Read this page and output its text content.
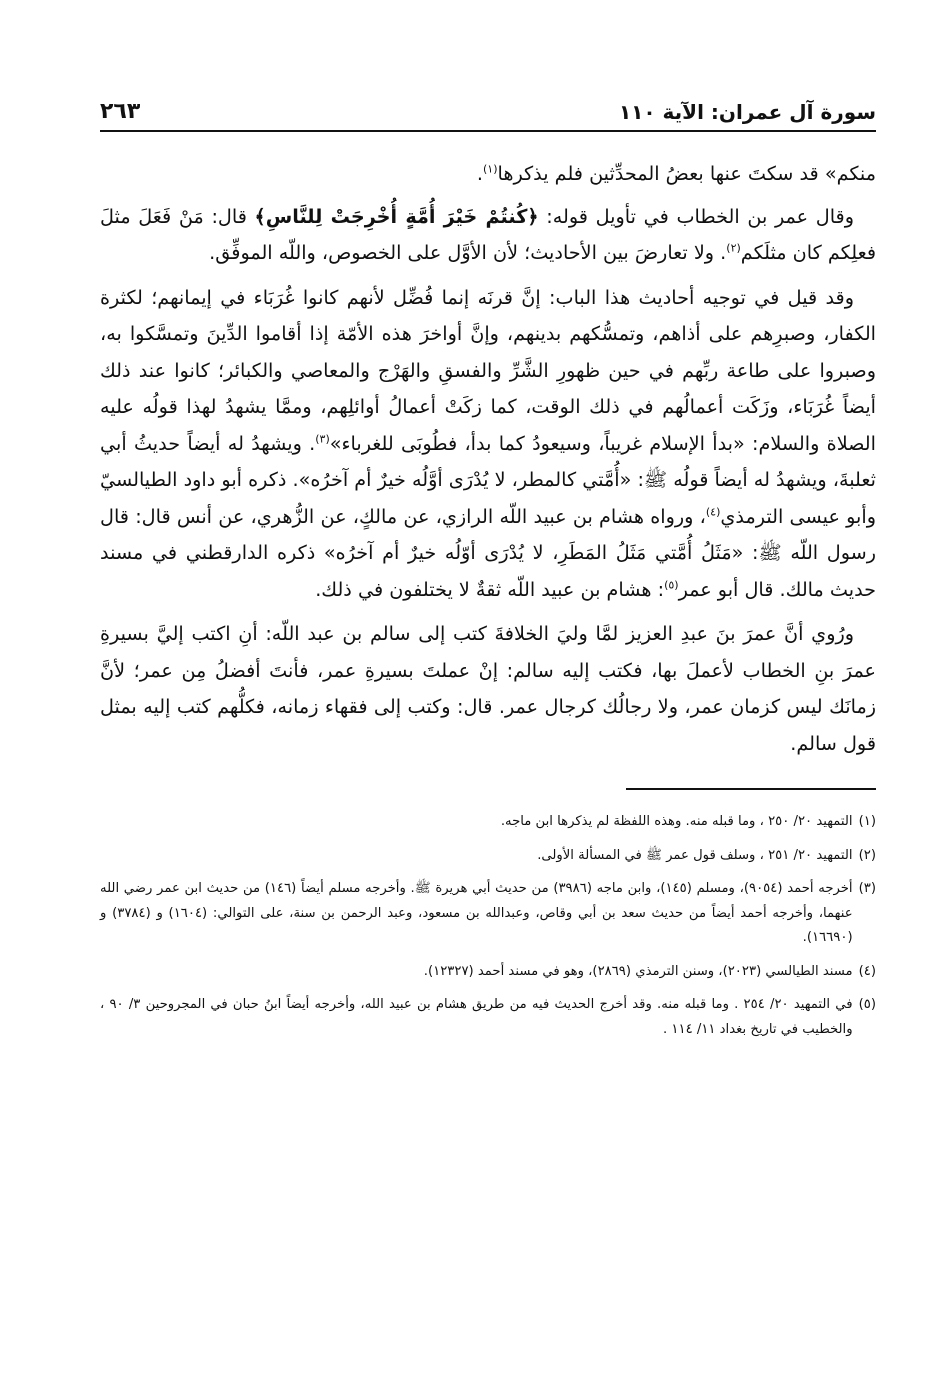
سورة آل عمران: الآية ١١٠
٢٦٣

منكم» قد سكتَ عنها بعضُ المحدِّثين فلم يذكرها$^{(١)}$.

وقال عمر بن الخطاب في تأويل قوله: ﴿كُنتُمْ خَيْرَ أُمَّةٍ أُخْرِجَتْ لِلنَّاسِ﴾ قال: مَنْ فَعَلَ مثلَ فعلِكم كان مثلَكم$^{(٢)}$. ولا تعارضَ بين الأحاديث؛ لأن الأوَّل على الخصوص، واللّه الموفِّق.

وقد قيل في توجيه أحاديث هذا الباب: إنَّ قرنَه إنما فُضِّل لأنهم كانوا غُرَبَاء في إيمانهم؛ لكثرة الكفار، وصبرِهم على أذاهم، وتمسُّكهم بدينهم، وإنَّ أواخرَ هذه الأمّة إذا أقاموا الدِّينَ وتمسَّكوا به، وصبروا على طاعة ربِّهم في حين ظهورِ الشَّرِّ والفسقِ والهَرْج والمعاصي والكبائر؛ كانوا عند ذلك أيضاً غُرَبَاء، وزَكَت أعمالُهم في ذلك الوقت، كما زكَتْ أعمالُ أوائلِهم، وممَّا يشهدُ لهذا قولُه عليه الصلاة والسلام: «بدأ الإسلام غريباً، وسيعودُ كما بدأ، فطُوبَى للغرباء»$^{(٣)}$. ويشهدُ له أيضاً حديثُ أبي ثعلبةَ، ويشهدُ له أيضاً قولُه ﷺ: «أُمَّتي كالمطر، لا يُدْرَى أوَّلُه خيرٌ أم آخرُه». ذكره أبو داود الطيالسيّ وأبو عيسى الترمذي$^{(٤)}$، ورواه هشام بن عبيد اللّه الرازي، عن مالكٍ، عن الزُّهري، عن أنس قال: قال رسول اللّه ﷺ: «مَثَلُ أُمَّتي مَثَلُ المَطَرِ، لا يُدْرَى أوّلُه خيرٌ أم آخرُه» ذكره الدارقطني في مسند حديث مالك. قال أبو عمر$^{(٥)}$: هشام بن عبيد اللّه ثقةٌ لا يختلفون في ذلك.

ورُوي أنَّ عمرَ بنَ عبدِ العزيز لمَّا وليَ الخلافةَ كتب إلى سالم بن عبد اللّه: أنِ اكتب إليَّ بسيرةِ عمرَ بنِ الخطاب لأعملَ بها، فكتب إليه سالم: إنْ عملتَ بسيرةِ عمر، فأنتَ أفضلُ مِن عمر؛ لأنَّ زمانَك ليس كزمان عمر، ولا رجالُك كرجال عمر. قال: وكتب إلى فقهاء زمانه، فكلُّهم كتب إليه بمثل قول سالم.

(١)
التمهيد ٢٠/ ٢٥٠ ، وما قبله منه. وهذه اللفظة لم يذكرها ابن ماجه.
(٢)
التمهيد ٢٠/ ٢٥١ ، وسلف قول عمر ﷺ في المسألة الأولى.
(٣)
أخرجه أحمد (٩٠٥٤)، ومسلم (١٤٥)، وابن ماجه (٣٩٨٦) من حديث أبي هريرة ﷺ. وأخرجه مسلم أيضاً (١٤٦) من حديث ابن عمر رضي الله عنهما، وأخرجه أحمد أيضاً من حديث سعد بن أبي وقاص، وعبدالله بن مسعود، وعبد الرحمن بن سنة، على التوالي: (١٦٠٤) و (٣٧٨٤) و (١٦٦٩٠).
(٤)
مسند الطيالسي (٢٠٢٣)، وسنن الترمذي (٢٨٦٩)، وهو في مسند أحمد (١٢٣٢٧).
(٥)
في التمهيد ٢٠/ ٢٥٤ . وما قبله منه. وقد أخرج الحديث فيه من طريق هشام بن عبيد الله، وأخرجه أيضاً ابنُ حبان في المجروحين ٣/ ٩٠ ، والخطيب في تاريخ بغداد ١١/ ١١٤ .
